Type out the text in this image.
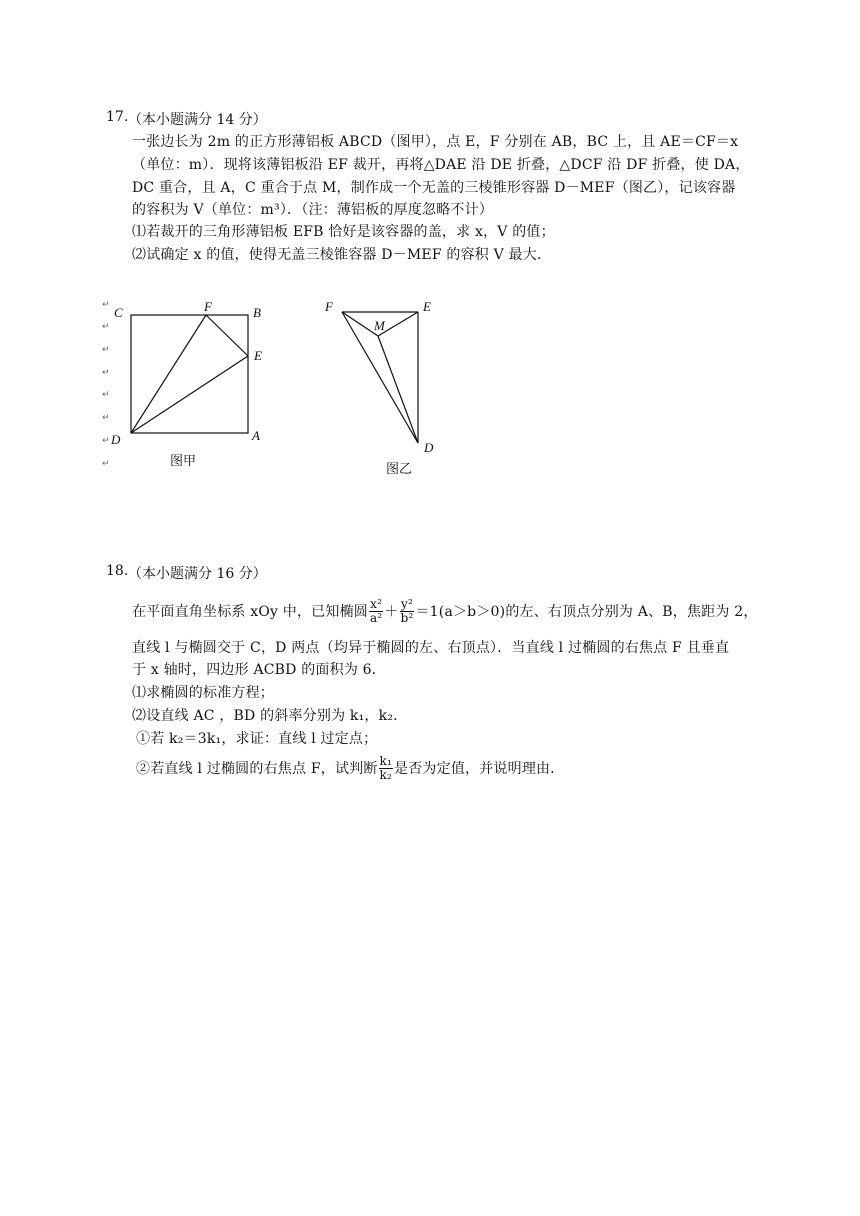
17. （本小题满分 14 分）
一张边长为 2m 的正方形薄铝板 ABCD（图甲），点 E，F 分别在 AB，BC 上，且 AE＝CF＝x
（单位：m）．现将该薄铝板沿 EF 裁开，再将△DAE 沿 DE 折叠，△DCF 沿 DF 折叠，使 DA，
DC 重合，且 A，C 重合于点 M，制作成一个无盖的三棱锥形容器 D－MEF（图乙），记该容器
的容积为 V（单位：m³）．（注：薄铝板的厚度忽略不计）
⑴若裁开的三角形薄铝板 EFB 恰好是该容器的盖，求 x，V 的值；
⑵试确定 x 的值，使得无盖三棱锥容器 D－MEF 的容积 V 最大．
↵
↵
↵
↵
↵
↵
↵
↵
C	F	B
E
D	A
图甲
F	E
M
D
图乙
18. （本小题满分 16 分）
在平面直角坐标系 xOy 中，已知椭圆 $\frac{\text{x²}}{\text{a²}} + \frac{\text{y²}}{\text{b²}} =1(a>b>0)$的左、右顶点分别为 A、B，焦距为 2，
直线 l 与椭圆交于 C，D 两点（均异于椭圆的左、右顶点）．当直线 l 过椭圆的右焦点 F 且垂直
于 x 轴时，四边形 ACBD 的面积为 6．
⑴求椭圆的标准方程；
⑵设直线 AC ，BD 的斜率分别为 k₁，k₂．
①若 k₂＝3k₁，求证：直线 l 过定点；
②若直线 l 过椭圆的右焦点 F，试判断 $\frac{\text{k₁}}{\text{k₂}}$ 是否为定值，并说明理由．
